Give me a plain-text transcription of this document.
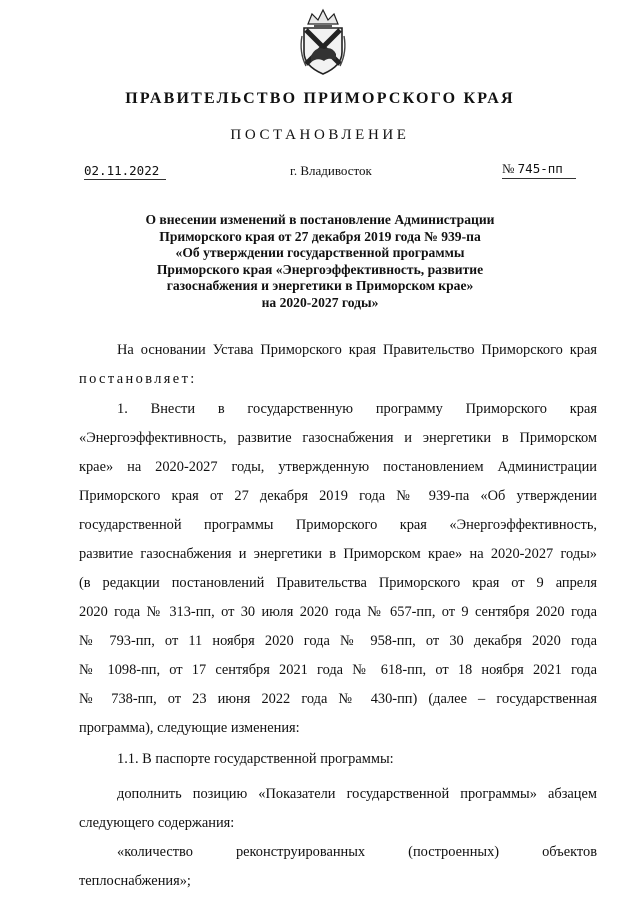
ПРАВИТЕЛЬСТВО ПРИМОРСКОГО КРАЯ
ПОСТАНОВЛЕНИЕ
02.11.2022	г. Владивосток	№ 745-пп
О внесении изменений в постановление Администрации
Приморского края от 27 декабря 2019 года № 939-па
«Об утверждении государственной программы
Приморского края «Энергоэффективность, развитие
газоснабжения и энергетики в Приморском крае»
на 2020-2027 годы»
На основании Устава Приморского края Правительство Приморского края
постановляет:
1. Внести в государственную программу Приморского края
«Энергоэффективность, развитие газоснабжения и энергетики в Приморском
крае» на 2020-2027 годы, утвержденную постановлением Администрации
Приморского края от 27 декабря 2019 года № 939-па «Об утверждении
государственной программы Приморского края «Энергоэффективность,
развитие газоснабжения и энергетики в Приморском крае» на 2020-2027 годы»
(в редакции постановлений Правительства Приморского края от 9 апреля
2020 года № 313-пп, от 30 июля 2020 года № 657-пп, от 9 сентября 2020 года
№ 793-пп, от 11 ноября 2020 года № 958-пп, от 30 декабря 2020 года
№ 1098-пп, от 17 сентября 2021 года № 618-пп, от 18 ноября 2021 года
№ 738-пп, от 23 июня 2022 года № 430-пп) (далее – государственная
программа), следующие изменения:
1.1. В паспорте государственной программы:
дополнить позицию «Показатели государственной программы» абзацем
следующего содержания:
«количество реконструированных (построенных) объектов
теплоснабжения»;
